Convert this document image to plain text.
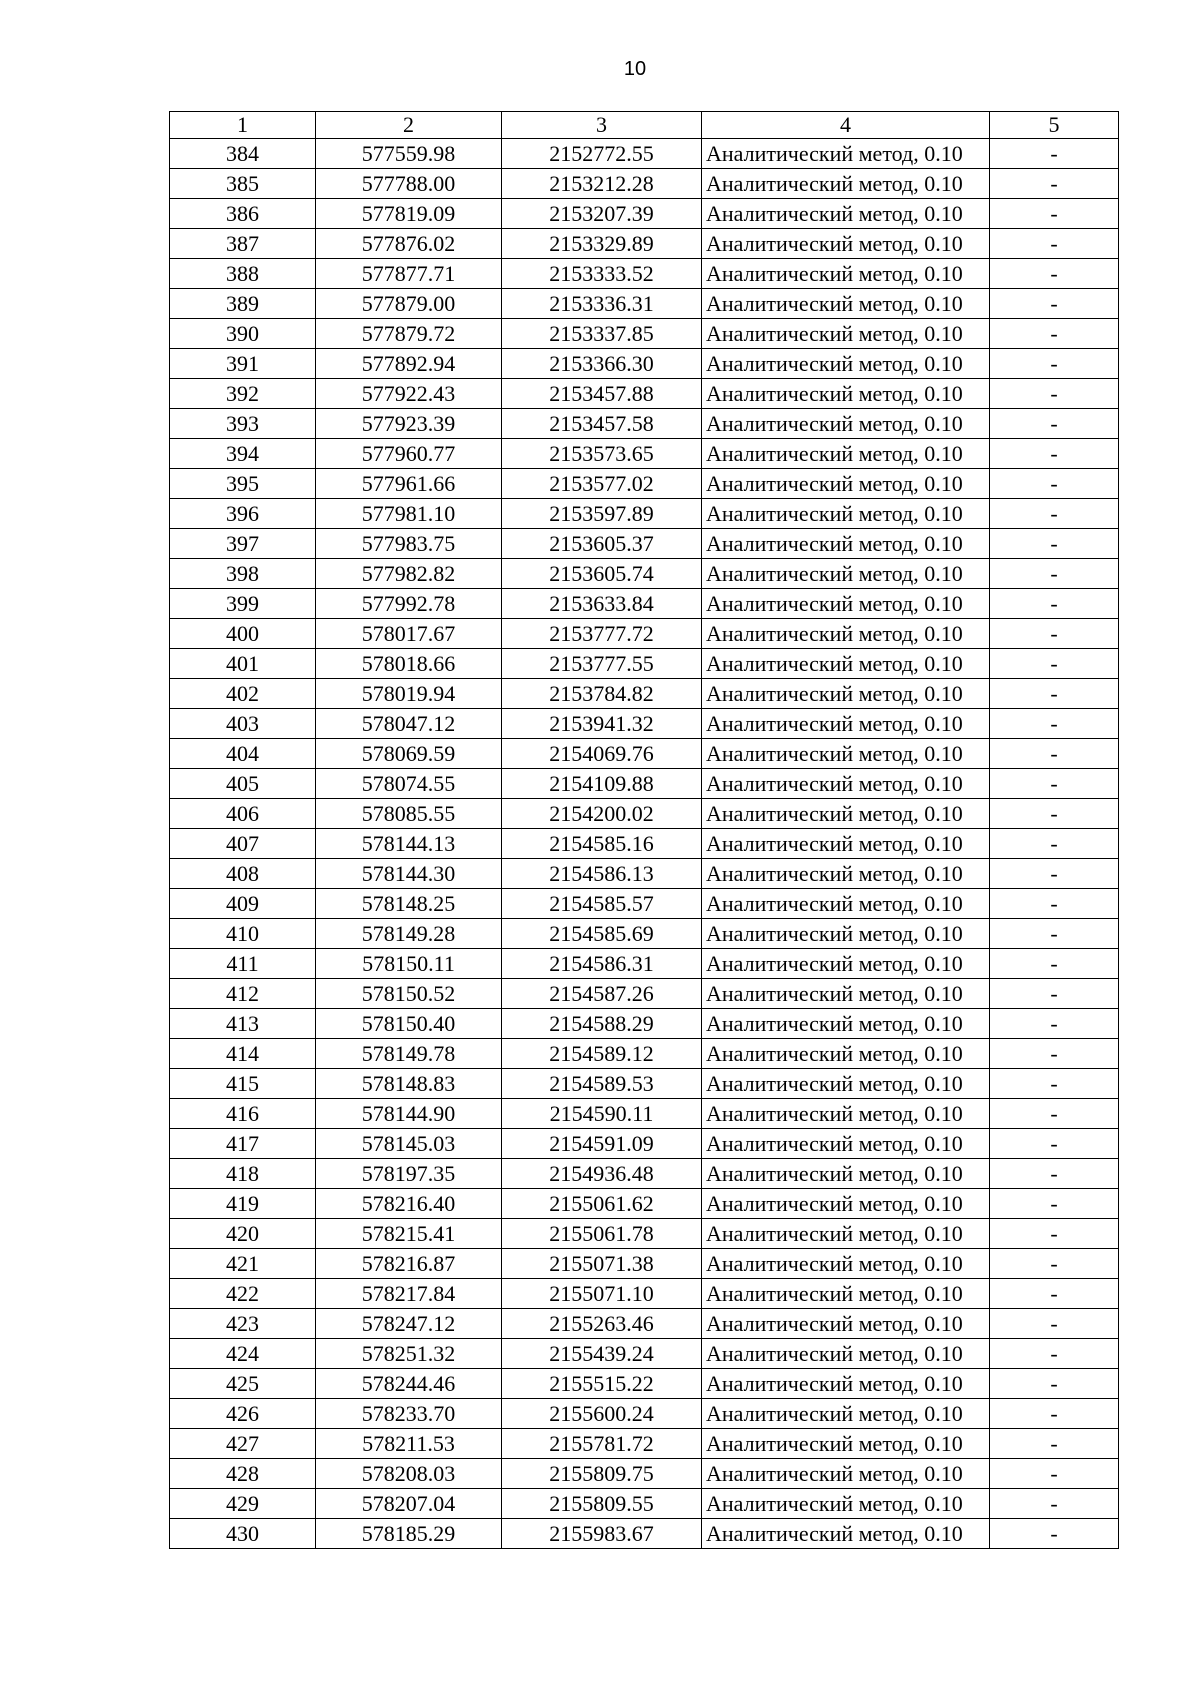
10
1	2	3	4	5
384	577559.98	2152772.55	Аналитический метод, 0.10	-
385	577788.00	2153212.28	Аналитический метод, 0.10	-
386	577819.09	2153207.39	Аналитический метод, 0.10	-
387	577876.02	2153329.89	Аналитический метод, 0.10	-
388	577877.71	2153333.52	Аналитический метод, 0.10	-
389	577879.00	2153336.31	Аналитический метод, 0.10	-
390	577879.72	2153337.85	Аналитический метод, 0.10	-
391	577892.94	2153366.30	Аналитический метод, 0.10	-
392	577922.43	2153457.88	Аналитический метод, 0.10	-
393	577923.39	2153457.58	Аналитический метод, 0.10	-
394	577960.77	2153573.65	Аналитический метод, 0.10	-
395	577961.66	2153577.02	Аналитический метод, 0.10	-
396	577981.10	2153597.89	Аналитический метод, 0.10	-
397	577983.75	2153605.37	Аналитический метод, 0.10	-
398	577982.82	2153605.74	Аналитический метод, 0.10	-
399	577992.78	2153633.84	Аналитический метод, 0.10	-
400	578017.67	2153777.72	Аналитический метод, 0.10	-
401	578018.66	2153777.55	Аналитический метод, 0.10	-
402	578019.94	2153784.82	Аналитический метод, 0.10	-
403	578047.12	2153941.32	Аналитический метод, 0.10	-
404	578069.59	2154069.76	Аналитический метод, 0.10	-
405	578074.55	2154109.88	Аналитический метод, 0.10	-
406	578085.55	2154200.02	Аналитический метод, 0.10	-
407	578144.13	2154585.16	Аналитический метод, 0.10	-
408	578144.30	2154586.13	Аналитический метод, 0.10	-
409	578148.25	2154585.57	Аналитический метод, 0.10	-
410	578149.28	2154585.69	Аналитический метод, 0.10	-
411	578150.11	2154586.31	Аналитический метод, 0.10	-
412	578150.52	2154587.26	Аналитический метод, 0.10	-
413	578150.40	2154588.29	Аналитический метод, 0.10	-
414	578149.78	2154589.12	Аналитический метод, 0.10	-
415	578148.83	2154589.53	Аналитический метод, 0.10	-
416	578144.90	2154590.11	Аналитический метод, 0.10	-
417	578145.03	2154591.09	Аналитический метод, 0.10	-
418	578197.35	2154936.48	Аналитический метод, 0.10	-
419	578216.40	2155061.62	Аналитический метод, 0.10	-
420	578215.41	2155061.78	Аналитический метод, 0.10	-
421	578216.87	2155071.38	Аналитический метод, 0.10	-
422	578217.84	2155071.10	Аналитический метод, 0.10	-
423	578247.12	2155263.46	Аналитический метод, 0.10	-
424	578251.32	2155439.24	Аналитический метод, 0.10	-
425	578244.46	2155515.22	Аналитический метод, 0.10	-
426	578233.70	2155600.24	Аналитический метод, 0.10	-
427	578211.53	2155781.72	Аналитический метод, 0.10	-
428	578208.03	2155809.75	Аналитический метод, 0.10	-
429	578207.04	2155809.55	Аналитический метод, 0.10	-
430	578185.29	2155983.67	Аналитический метод, 0.10	-
